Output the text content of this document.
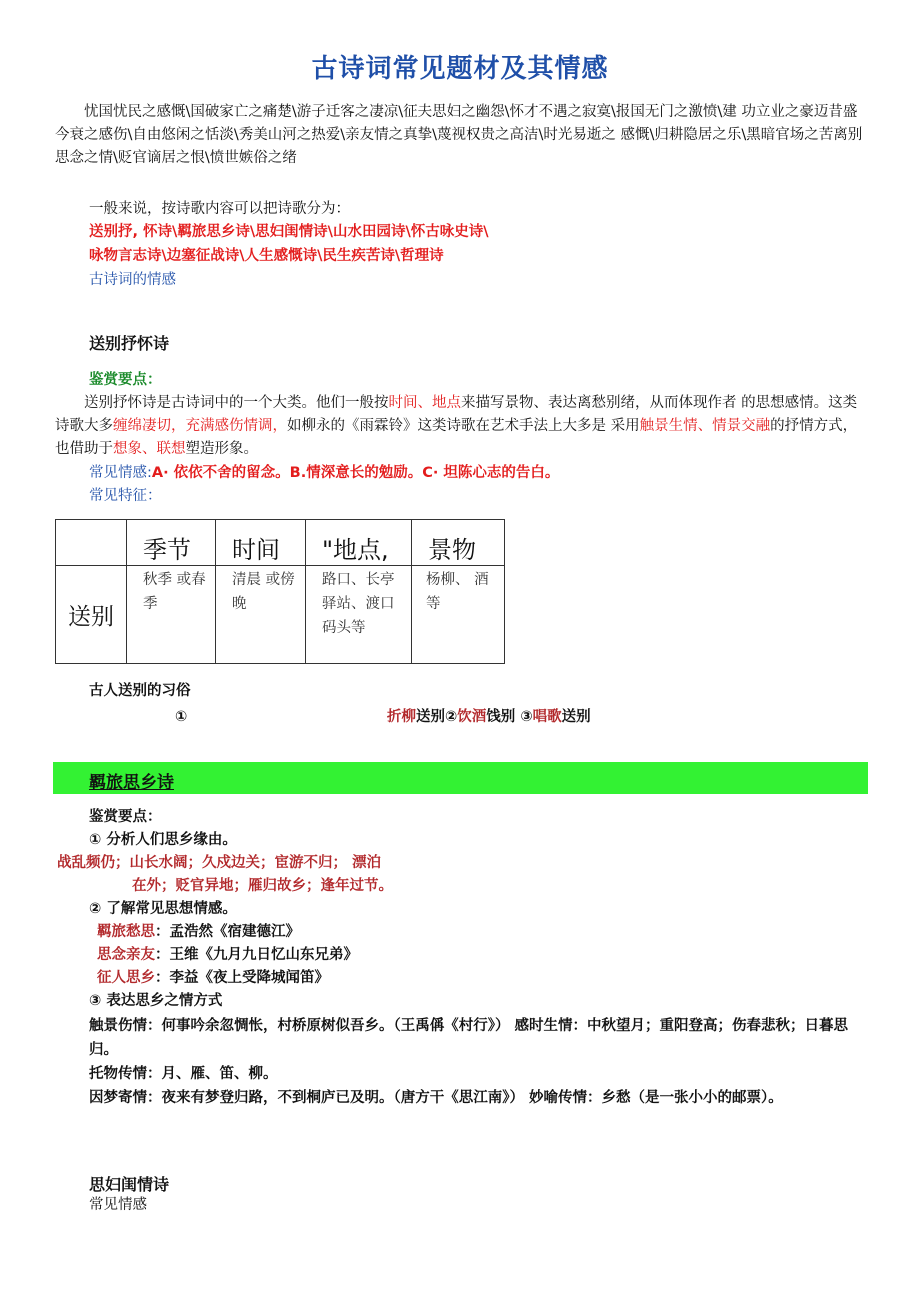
古诗词常见题材及其情感

忧国忧民之感慨\国破家亡之痛楚\游子迁客之凄凉\征夫思妇之幽怨\怀才不遇之寂寞\报国无门之激愤\建 功立业之豪迈昔盛今衰之感伤\自由悠闲之恬淡\秀美山河之热爱\亲友情之真挚\蔑视权贵之高洁\时光易逝之 感慨\归耕隐居之乐\黑暗官场之苦离别思念之情\贬官谪居之恨\愤世嫉俗之绪

一般来说，按诗歌内容可以把诗歌分为：
送别抒, 怀诗\羁旅思乡诗\思妇闺情诗\山水田园诗\怀古咏史诗\
咏物言志诗\边塞征战诗\人生感慨诗\民生疾苦诗\哲理诗
古诗词的情感
送别抒怀诗
鉴赏要点：

送别抒怀诗是古诗词中的一个大类。他们一般按时间、地点来描写景物、表达离愁别绪，从而体现作者 的思想感情。这类诗歌大多缠绵凄切，充满感伤情调，如柳永的《雨霖铃》这类诗歌在艺术手法上大多是 采用触景生情、情景交融的抒情方式，也借助于想象、联想塑造形象。

常见情感:A· 依依不舍的留念。B.情深意长的勉励。C· 坦陈心志的告白。
常见特征：
	季节	时间	"地点,	景物
送别	秋季 或春季	清晨 或傍晚	路口、长亭驿站、渡口码头等	杨柳、 酒等
古人送别的习俗
①	折柳送别②饮酒饯别 ③唱歌送别
羁旅思乡诗
鉴赏要点：
① 分析人们思乡缘由。
战乱频仍；山长水阔；久戍边关；宦游不归； 漂泊
在外；贬官异地；雁归故乡；逢年过节。
② 了解常见思想情感。
羁旅愁思：孟浩然《宿建德江》
思念亲友：王维《九月九日忆山东兄弟》
征人思乡：李益《夜上受降城闻笛》
③ 表达思乡之情方式

触景伤情：何事吟余忽惆怅，村桥原树似吾乡。（王禹偁《村行》） 感时生情：中秋望月；重阳登高；伤春悲秋；日暮思归。

托物传情：月、雁、笛、柳。

因梦寄情：夜来有梦登归路，不到桐庐已及明。（唐方干《思江南》） 妙喻传情：乡愁（是一张小小的邮票）。

思妇闺情诗
常见情感
